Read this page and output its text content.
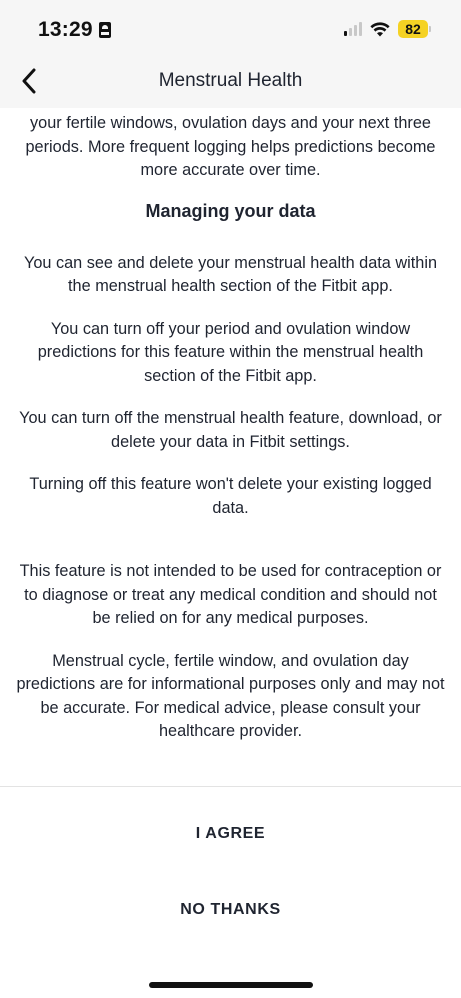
13:29	82
Menstrual Health

your fertile windows, ovulation days and your next three periods. More frequent logging helps predictions become more accurate over time.

Managing your data

You can see and delete your menstrual health data within the menstrual health section of the Fitbit app.

You can turn off your period and ovulation window predictions for this feature within the menstrual health section of the Fitbit app.

You can turn off the menstrual health feature, download, or delete your data in Fitbit settings.

Turning off this feature won't delete your existing logged data.

This feature is not intended to be used for contraception or to diagnose or treat any medical condition and should not be relied on for any medical purposes.

Menstrual cycle, fertile window, and ovulation day predictions are for informational purposes only and may not be accurate. For medical advice, please consult your healthcare provider.

I AGREE
NO THANKS
